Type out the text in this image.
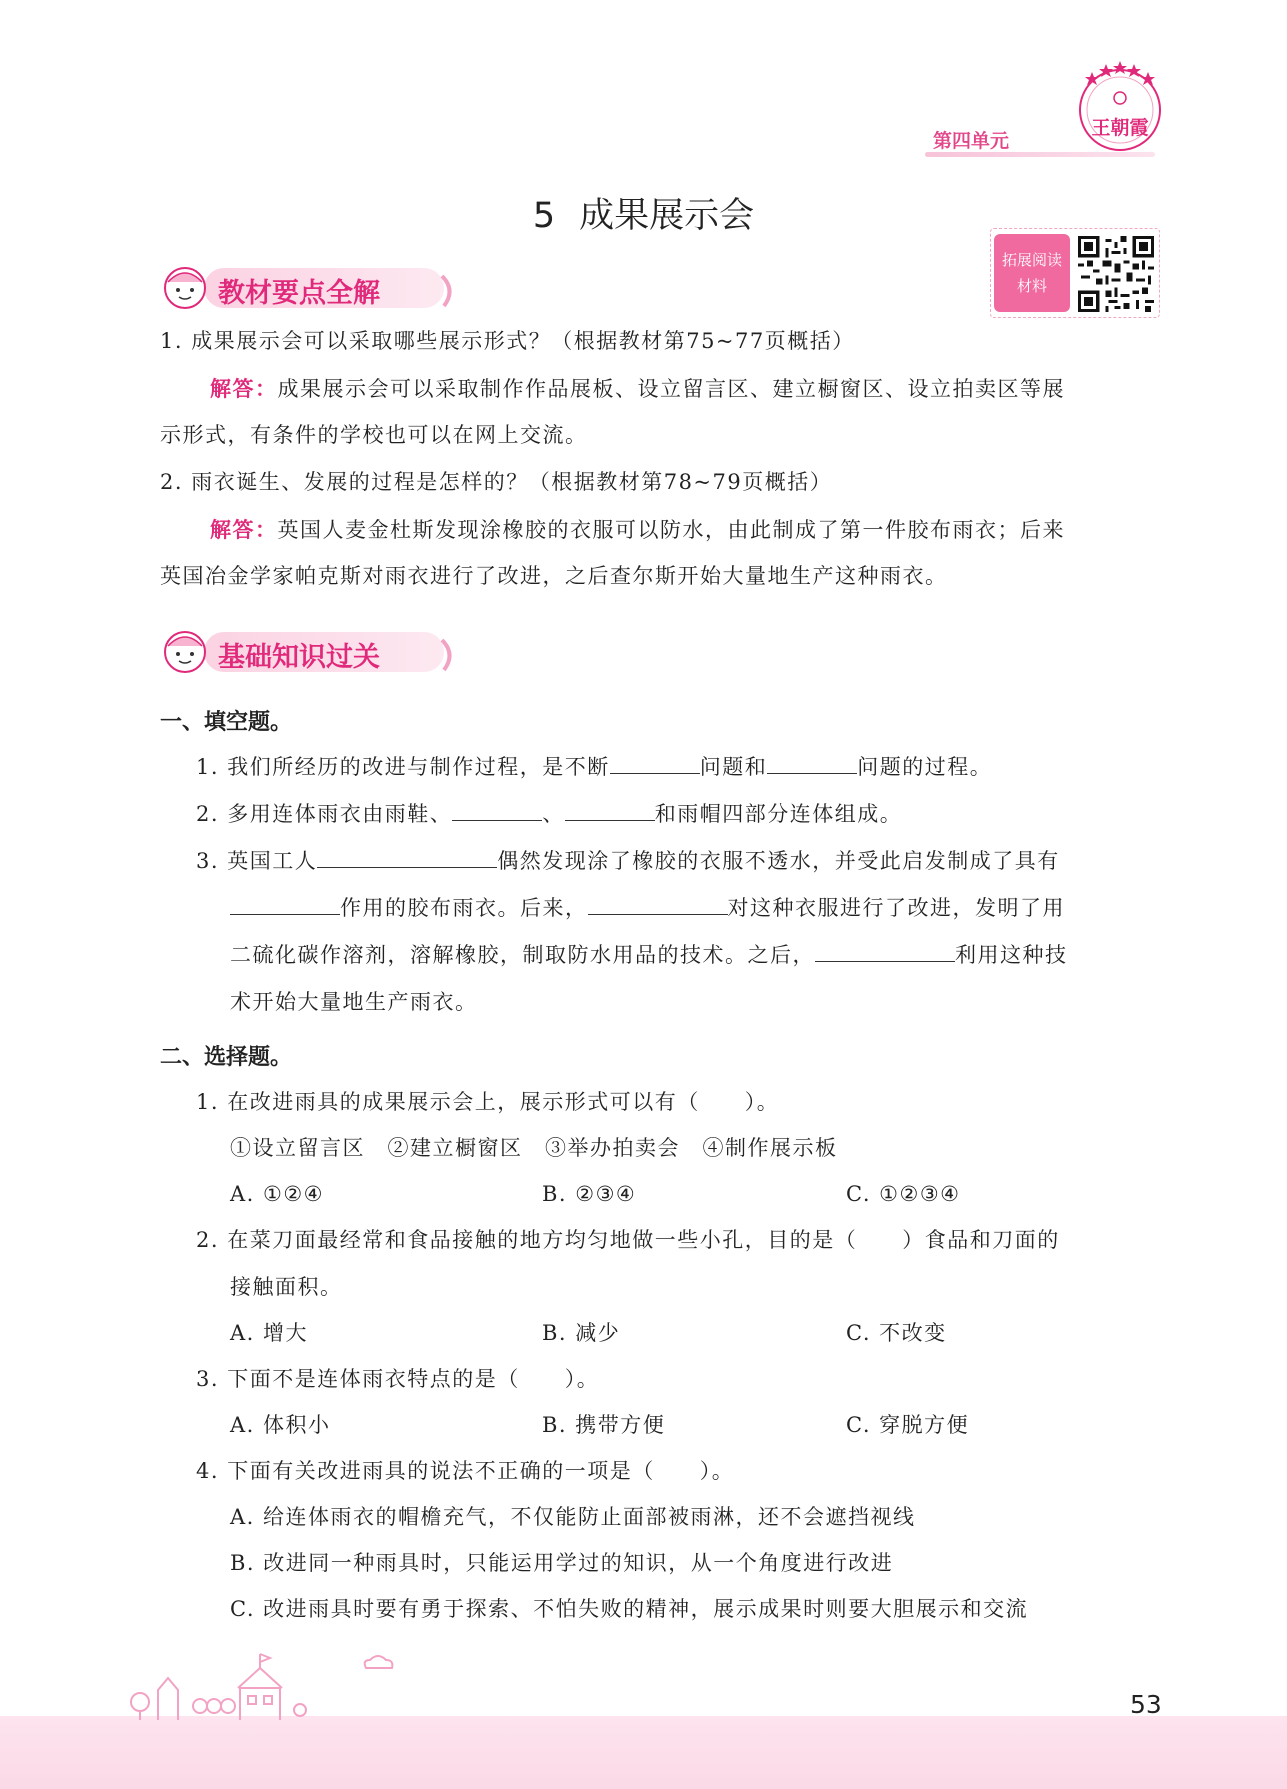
王朝霞
第四单元
5 成果展示会
拓展阅读
材料
教材要点全解
1. 成果展示会可以采取哪些展示形式？（根据教材第75~77页概括）
解答：成果展示会可以采取制作作品展板、设立留言区、建立橱窗区、设立拍卖区等展
示形式，有条件的学校也可以在网上交流。
2. 雨衣诞生、发展的过程是怎样的？（根据教材第78~79页概括）
解答：英国人麦金杜斯发现涂橡胶的衣服可以防水，由此制成了第一件胶布雨衣；后来
英国冶金学家帕克斯对雨衣进行了改进，之后查尔斯开始大量地生产这种雨衣。
基础知识过关
一、填空题。
1. 我们所经历的改进与制作过程，是不断	问题和	问题的过程。
2. 多用连体雨衣由雨鞋、	、	和雨帽四部分连体组成。
3. 英国工人	偶然发现涂了橡胶的衣服不透水，并受此启发制成了具有
作用的胶布雨衣。后来，	对这种衣服进行了改进，发明了用
二硫化碳作溶剂，溶解橡胶，制取防水用品的技术。之后，	利用这种技
术开始大量地生产雨衣。
二、选择题。
1. 在改进雨具的成果展示会上，展示形式可以有（　　）。
①设立留言区　②建立橱窗区　③举办拍卖会　④制作展示板
A. ①②④	B. ②③④	C. ①②③④
2. 在菜刀面最经常和食品接触的地方均匀地做一些小孔，目的是（　　）食品和刀面的
接触面积。
A. 增大	B. 减少	C. 不改变
3. 下面不是连体雨衣特点的是（　　）。
A. 体积小	B. 携带方便	C. 穿脱方便
4. 下面有关改进雨具的说法不正确的一项是（　　）。
A. 给连体雨衣的帽檐充气，不仅能防止面部被雨淋，还不会遮挡视线
B. 改进同一种雨具时，只能运用学过的知识，从一个角度进行改进
C. 改进雨具时要有勇于探索、不怕失败的精神，展示成果时则要大胆展示和交流
53
